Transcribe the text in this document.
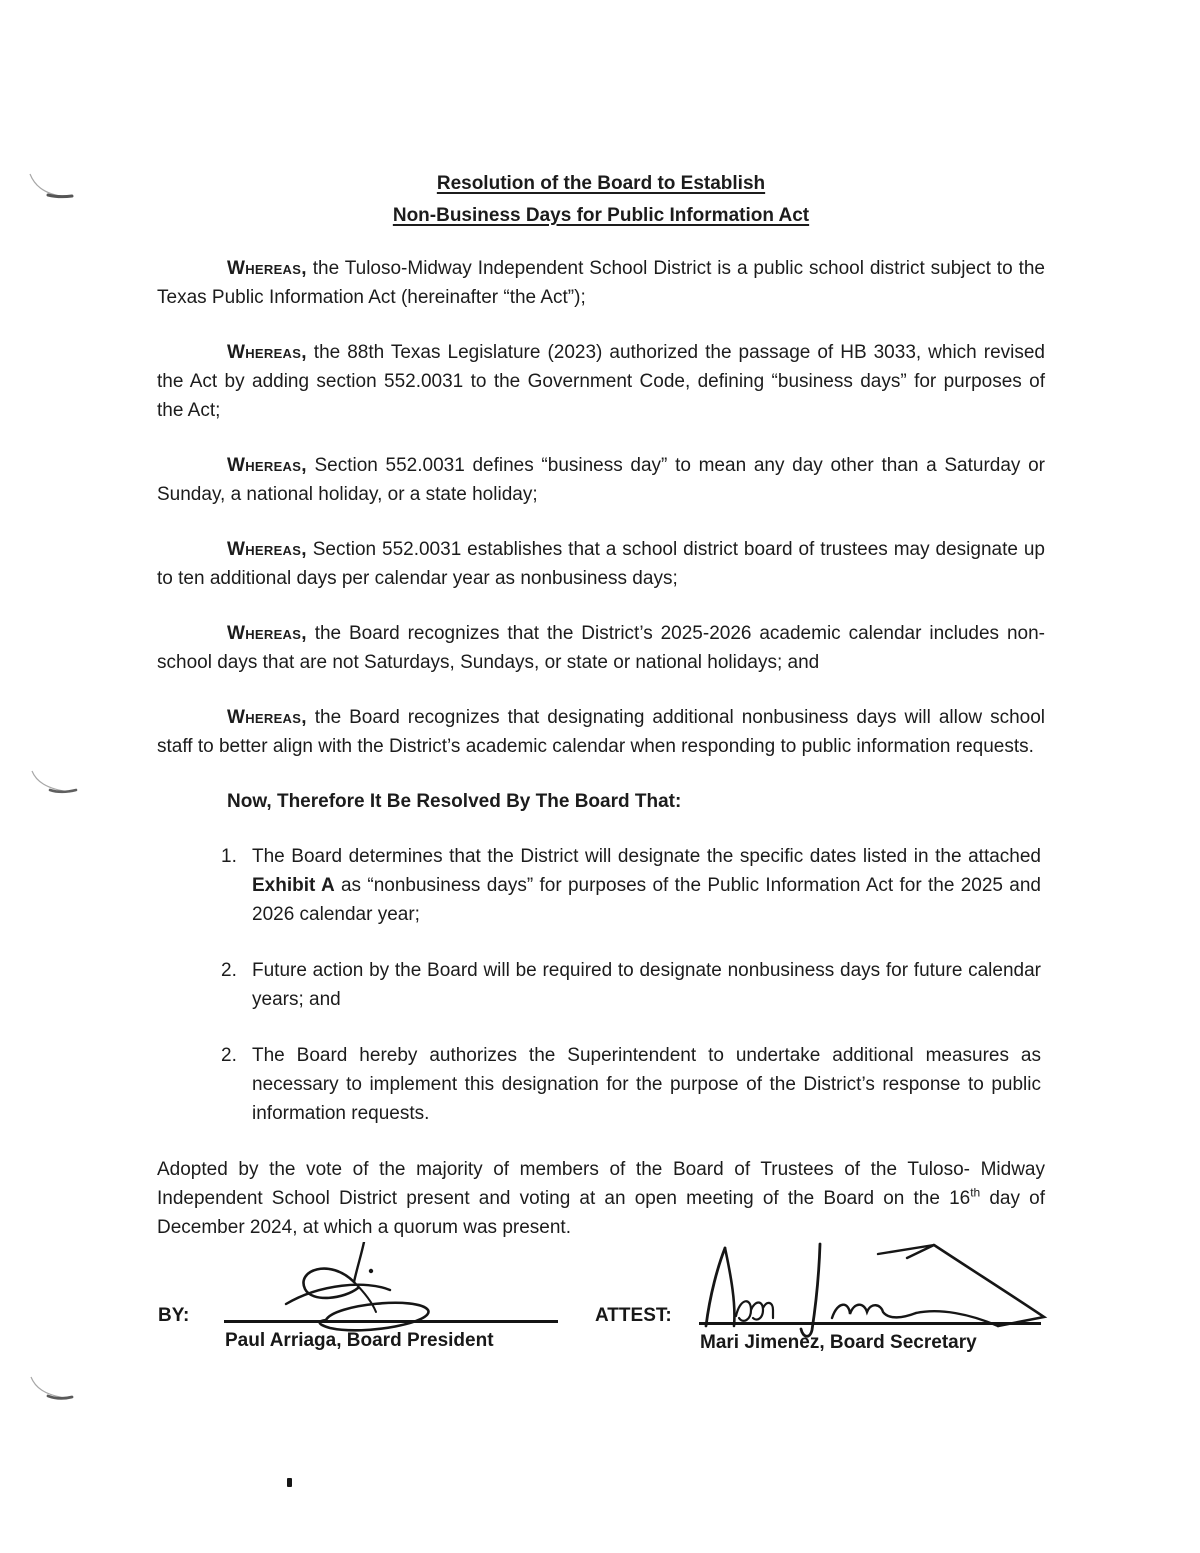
Resolution of the Board to Establish
Non-Business Days for Public Information Act

Whereas, the Tuloso-Midway Independent School District is a public school district subject to the Texas Public Information Act (hereinafter “the Act”);

Whereas, the 88th Texas Legislature (2023) authorized the passage of HB 3033, which revised the Act by adding section 552.0031 to the Government Code, defining “business days” for purposes of the Act;

Whereas, Section 552.0031 defines “business day” to mean any day other than a Saturday or Sunday, a national holiday, or a state holiday;

Whereas, Section 552.0031 establishes that a school district board of trustees may designate up to ten additional days per calendar year as nonbusiness days;

Whereas, the Board recognizes that the District’s 2025-2026 academic calendar includes non-school days that are not Saturdays, Sundays, or state or national holidays; and

Whereas, the Board recognizes that designating additional nonbusiness days will allow school staff to better align with the District’s academic calendar when responding to public information requests.

Now, Therefore It Be Resolved By The Board That:
1. The Board determines that the District will designate the specific dates listed in the attached Exhibit A as “nonbusiness days” for purposes of the Public Information Act for the 2025 and 2026 calendar year;
2. Future action by the Board will be required to designate nonbusiness days for future calendar years; and
2. The Board hereby authorizes the Superintendent to undertake additional measures as necessary to implement this designation for the purpose of the District’s response to public information requests.

Adopted by the vote of the majority of members of the Board of Trustees of the Tuloso- Midway Independent School District present and voting at an open meeting of the Board on the 16th day of December 2024, at which a quorum was present.

BY:	ATTEST:
Paul Arriaga, Board President	Mari Jimenez, Board Secretary
